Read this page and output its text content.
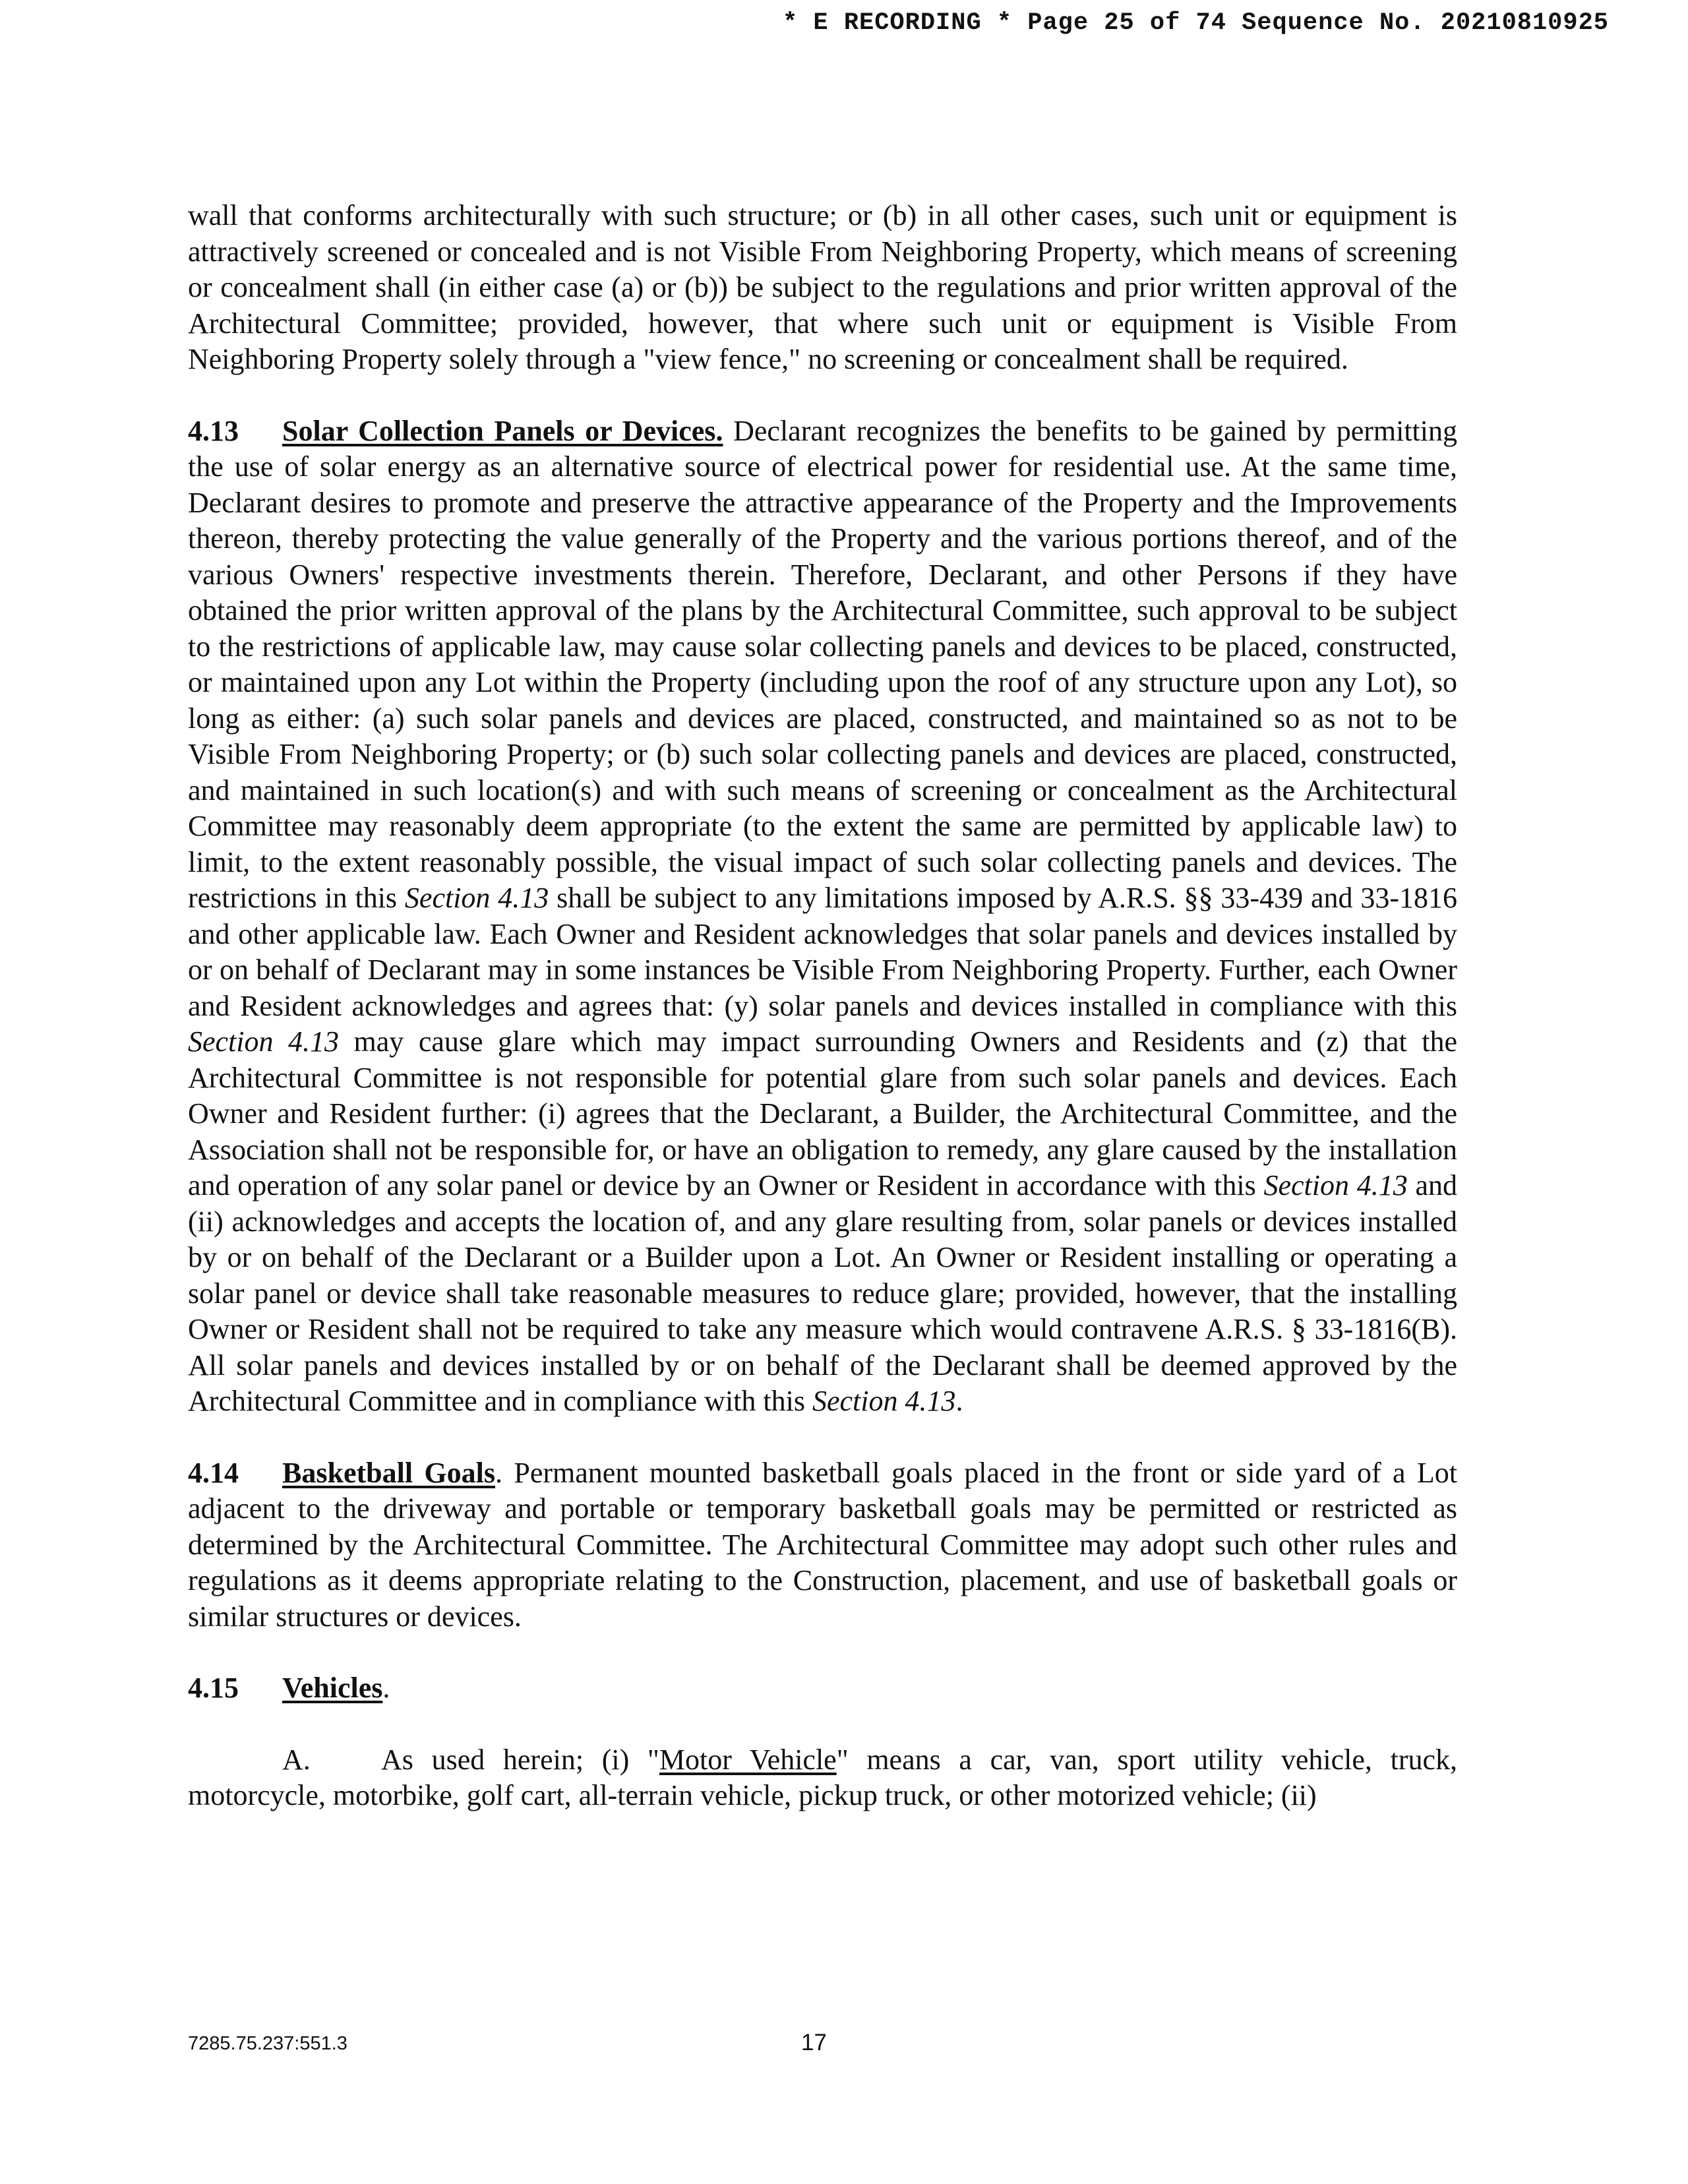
* E RECORDING * Page 25 of 74 Sequence No. 20210810925

wall that conforms architecturally with such structure; or (b) in all other cases, such unit or equipment is attractively screened or concealed and is not Visible From Neighboring Property, which means of screening or concealment shall (in either case (a) or (b)) be subject to the regulations and prior written approval of the Architectural Committee; provided, however, that where such unit or equipment is Visible From Neighboring Property solely through a "view fence," no screening or concealment shall be required.

4.13 Solar Collection Panels or Devices. Declarant recognizes the benefits to be gained by permitting the use of solar energy as an alternative source of electrical power for residential use. At the same time, Declarant desires to promote and preserve the attractive appearance of the Property and the Improvements thereon, thereby protecting the value generally of the Property and the various portions thereof, and of the various Owners' respective investments therein. Therefore, Declarant, and other Persons if they have obtained the prior written approval of the plans by the Architectural Committee, such approval to be subject to the restrictions of applicable law, may cause solar collecting panels and devices to be placed, constructed, or maintained upon any Lot within the Property (including upon the roof of any structure upon any Lot), so long as either: (a) such solar panels and devices are placed, constructed, and maintained so as not to be Visible From Neighboring Property; or (b) such solar collecting panels and devices are placed, constructed, and maintained in such location(s) and with such means of screening or concealment as the Architectural Committee may reasonably deem appropriate (to the extent the same are permitted by applicable law) to limit, to the extent reasonably possible, the visual impact of such solar collecting panels and devices. The restrictions in this Section 4.13 shall be subject to any limitations imposed by A.R.S. §§ 33-439 and 33-1816 and other applicable law. Each Owner and Resident acknowledges that solar panels and devices installed by or on behalf of Declarant may in some instances be Visible From Neighboring Property. Further, each Owner and Resident acknowledges and agrees that: (y) solar panels and devices installed in compliance with this Section 4.13 may cause glare which may impact surrounding Owners and Residents and (z) that the Architectural Committee is not responsible for potential glare from such solar panels and devices. Each Owner and Resident further: (i) agrees that the Declarant, a Builder, the Architectural Committee, and the Association shall not be responsible for, or have an obligation to remedy, any glare caused by the installation and operation of any solar panel or device by an Owner or Resident in accordance with this Section 4.13 and (ii) acknowledges and accepts the location of, and any glare resulting from, solar panels or devices installed by or on behalf of the Declarant or a Builder upon a Lot. An Owner or Resident installing or operating a solar panel or device shall take reasonable measures to reduce glare; provided, however, that the installing Owner or Resident shall not be required to take any measure which would contravene A.R.S. § 33-1816(B). All solar panels and devices installed by or on behalf of the Declarant shall be deemed approved by the Architectural Committee and in compliance with this Section 4.13.

4.14 Basketball Goals. Permanent mounted basketball goals placed in the front or side yard of a Lot adjacent to the driveway and portable or temporary basketball goals may be permitted or restricted as determined by the Architectural Committee. The Architectural Committee may adopt such other rules and regulations as it deems appropriate relating to the Construction, placement, and use of basketball goals or similar structures or devices.

4.15 Vehicles.

A. As used herein; (i) "Motor Vehicle" means a car, van, sport utility vehicle, truck, motorcycle, motorbike, golf cart, all-terrain vehicle, pickup truck, or other motorized vehicle; (ii)

7285.75.237:551.3	17
